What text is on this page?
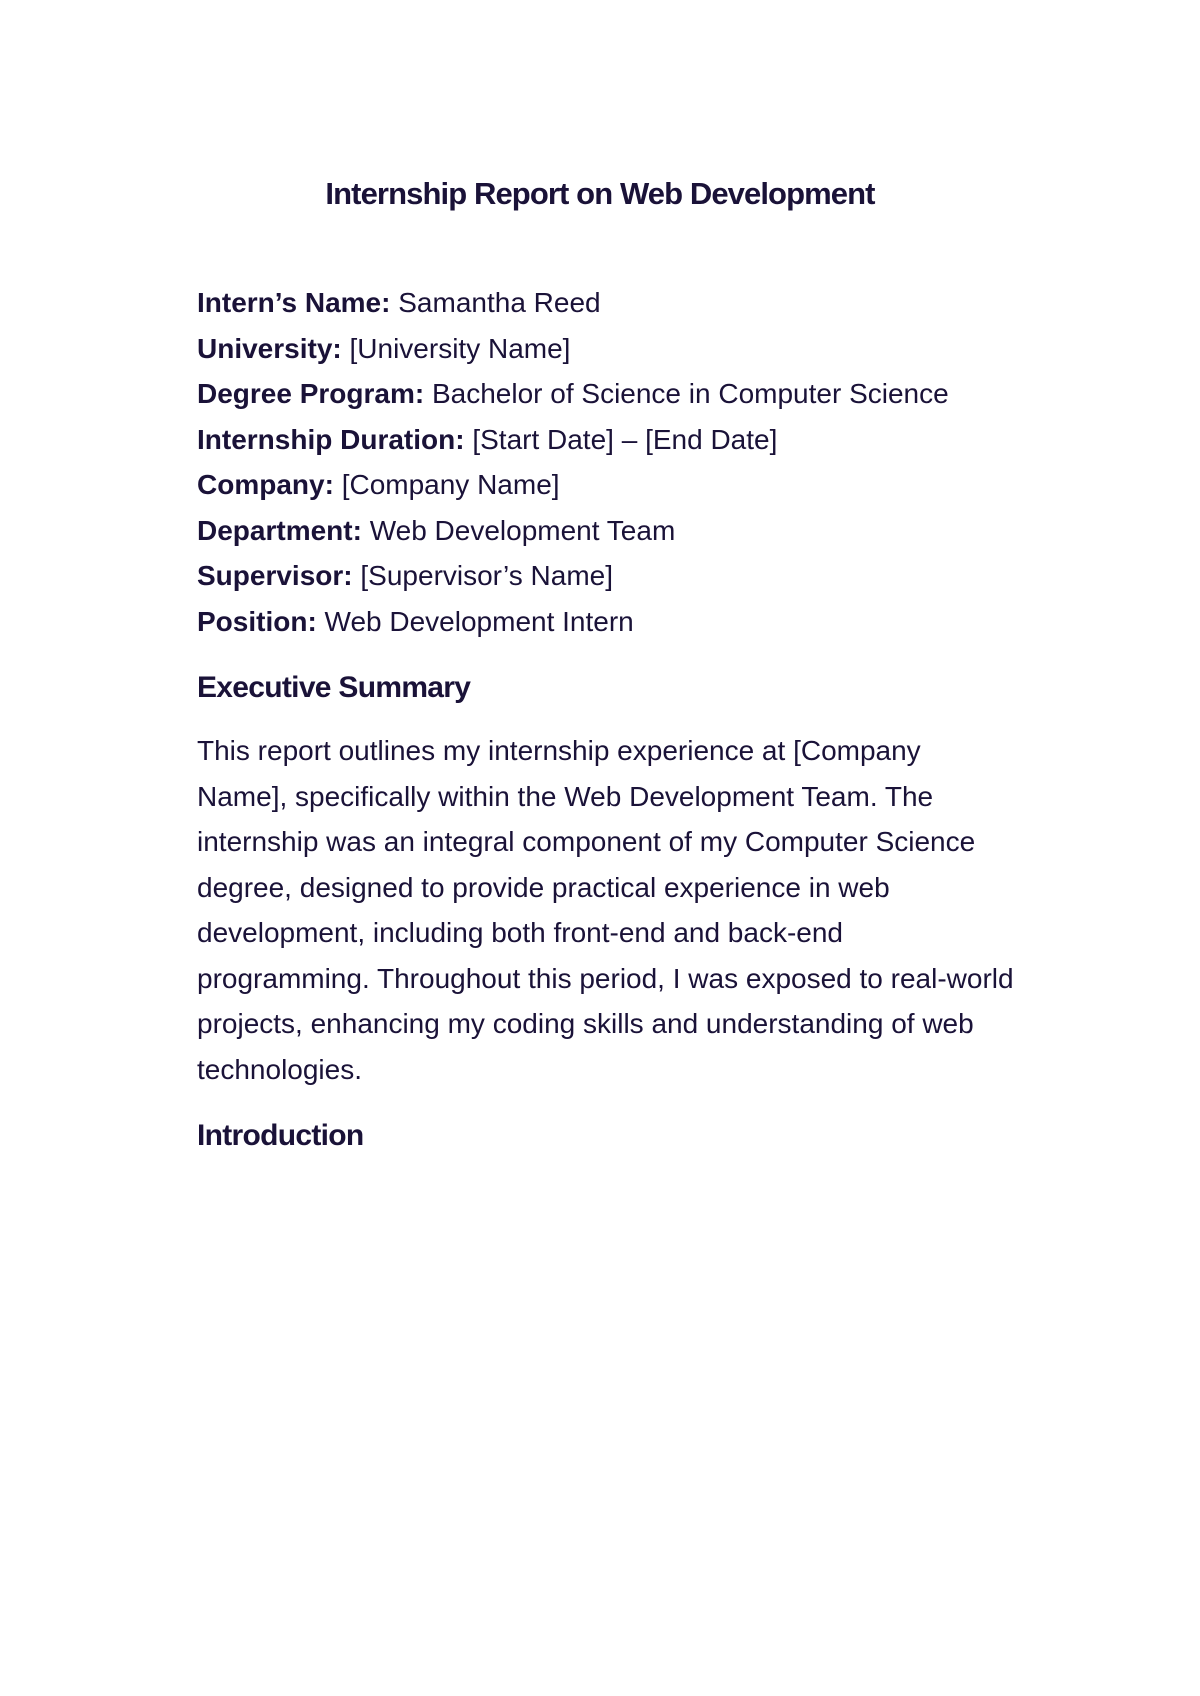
Internship Report on Web Development
Intern’s Name: Samantha Reed
University: [University Name]
Degree Program: Bachelor of Science in Computer Science
Internship Duration: [Start Date] – [End Date]
Company: [Company Name]
Department: Web Development Team
Supervisor: [Supervisor’s Name]
Position: Web Development Intern
Executive Summary

This report outlines my internship experience at [Company Name], specifically within the Web Development Team. The internship was an integral component of my Computer Science degree, designed to provide practical experience in web development, including both front-end and back-end programming. Throughout this period, I was exposed to real-world projects, enhancing my coding skills and understanding of web technologies.

Introduction
